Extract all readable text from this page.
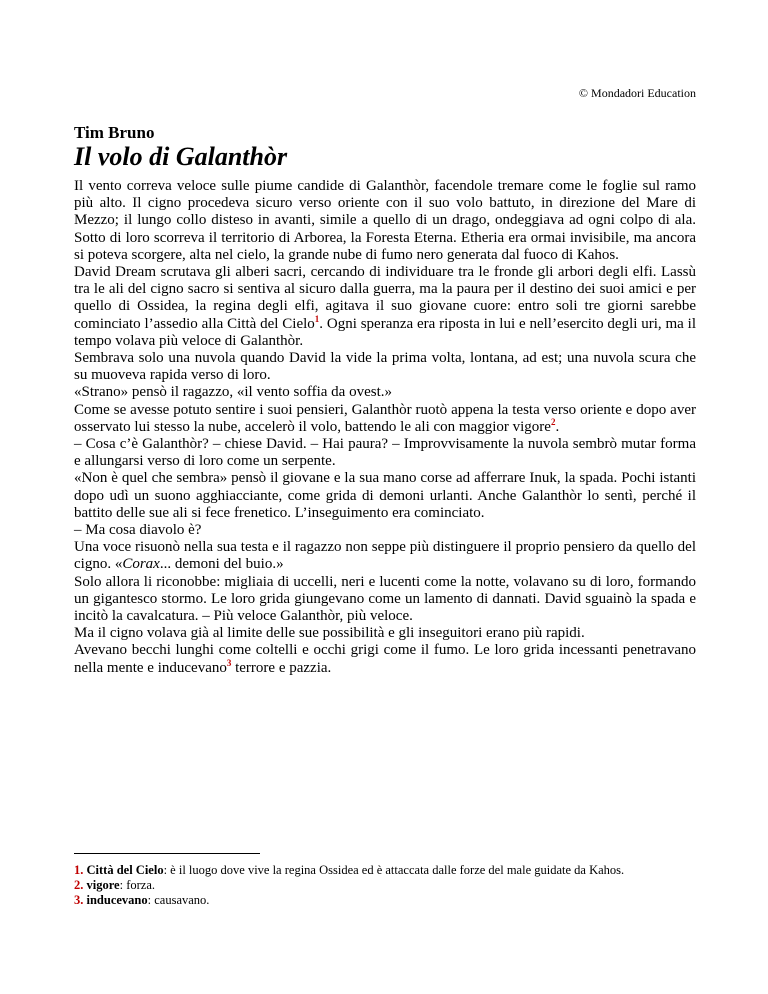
© Mondadori Education
Tim Bruno
Il volo di Galanthòr

Il vento correva veloce sulle piume candide di Galanthòr, facendole tremare come le foglie sul ramo più alto. Il cigno procedeva sicuro verso oriente con il suo volo battuto, in direzione del Mare di Mezzo; il lungo collo disteso in avanti, simile a quello di un drago, ondeggiava ad ogni colpo di ala. Sotto di loro scorreva il territorio di Arborea, la Foresta Eterna. Etheria era ormai invisibile, ma ancora si poteva scorgere, alta nel cielo, la grande nube di fumo nero generata dal fuoco di Kahos.

David Dream scrutava gli alberi sacri, cercando di individuare tra le fronde gli arbori degli elfi. Lassù tra le ali del cigno sacro si sentiva al sicuro dalla guerra, ma la paura per il destino dei suoi amici e per quello di Ossidea, la regina degli elfi, agitava il suo giovane cuore: entro soli tre giorni sarebbe cominciato l’assedio alla Città del Cielo$^1$. Ogni speranza era riposta in lui e nell’esercito degli uri, ma il tempo volava più veloce di Galanthòr.

Sembrava solo una nuvola quando David la vide la prima volta, lontana, ad est; una nuvola scura che su muoveva rapida verso di loro.

«Strano» pensò il ragazzo, «il vento soffia da ovest.»

Come se avesse potuto sentire i suoi pensieri, Galanthòr ruotò appena la testa verso oriente e dopo aver osservato lui stesso la nube, accelerò il volo, battendo le ali con maggior vigore$^2$.

– Cosa c’è Galanthòr? – chiese David. – Hai paura? – Improvvisamente la nuvola sembrò mutar forma e allungarsi verso di loro come un serpente.

«Non è quel che sembra» pensò il giovane e la sua mano corse ad afferrare Inuk, la spada. Pochi istanti dopo udì un suono agghiacciante, come grida di demoni urlanti. Anche Galanthòr lo sentì, perché il battito delle sue ali si fece frenetico. L’inseguimento era cominciato.

– Ma cosa diavolo è?

Una voce risuonò nella sua testa e il ragazzo non seppe più distinguere il proprio pensiero da quello del cigno. «Corax... demoni del buio.»

Solo allora li riconobbe: migliaia di uccelli, neri e lucenti come la notte, volavano su di loro, formando un gigantesco stormo. Le loro grida giungevano come un lamento di dannati. David sguainò la spada e incitò la cavalcatura. – Più veloce Galanthòr, più veloce.

Ma il cigno volava già al limite delle sue possibilità e gli inseguitori erano più rapidi.

Avevano becchi lunghi come coltelli e occhi grigi come il fumo. Le loro grida incessanti penetravano nella mente e inducevano$^3$ terrore e pazzia.

1. Città del Cielo: è il luogo dove vive la regina Ossidea ed è attaccata dalle forze del male guidate da Kahos.

2. vigore: forza.

3. inducevano: causavano.
